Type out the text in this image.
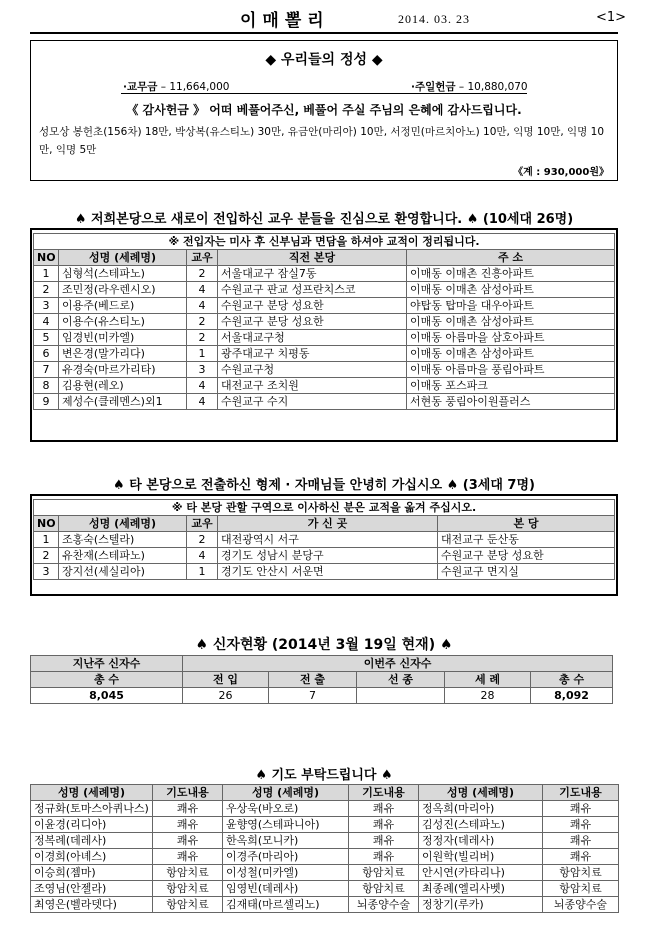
이매뽈리	2014. 03. 23	<1>
◆ 우리들의 정성 ◆
·교무금 – 11,664,000	·주일헌금 – 10,880,070
《 감사헌금 》 어떠 베풀어주신, 베풀어 주실 주님의 은혜에 감사드립니다.
성모상 봉헌초(156차) 18만, 박상복(유스티노) 30만, 유금안(마리아) 10만, 서정민(마르치아노) 10만, 익명 10만, 익명 10만, 익명 5만
《계 : 930,000원》
♠ 저희본당으로 새로이 전입하신 교우 분들을 진심으로 환영합니다. ♠ (10세대 26명)
※ 전입자는 미사 후 신부님과 면담을 하셔야 교적이 정리됩니다.				
NO	성명 (세례명)	교우	직전 본당	주 소
1	심형석(스테파노)	2	서울대교구 잠실7동	이매동 이매촌 진흥아파트
2	조민정(라우렌시오)	4	수원교구 판교 성프란치스코	이매동 이매촌 삼성아파트
3	이용주(베드로)	4	수원교구 분당 성요한	야탑동 탑마을 대우아파트
4	이용수(유스티노)	2	수원교구 분당 성요한	이매동 이매촌 삼성아파트
5	임경빈(미카엘)	2	서울대교구청	이매동 아름마을 삼호아파트
6	변은경(말가리다)	1	광주대교구 치평동	이매동 이매촌 삼성아파트
7	유경숙(마르가리타)	3	수원교구청	이매동 아름마을 풍림아파트
8	김용현(레오)	4	대전교구 조치원	이매동 포스파크
9	제성수(클레멘스)외1	4	수원교구 수지	서현동 풍림아이원플러스
♠ 타 본당으로 전출하신 형제 · 자매님들 안녕히 가십시오 ♠ (3세대 7명)
※ 타 본당 관할 구역으로 이사하신 분은 교적을 옮겨 주십시오.				
NO	성명 (세례명)	교우	가 신 곳	본 당
1	조홍숙(스텔라)	2	대전광역시 서구	대전교구 둔산동
2	유찬재(스테파노)	4	경기도 성남시 분당구	수원교구 분당 성요한
3	장지선(세실리아)	1	경기도 안산시 서운면	수원교구 면지실
♠ 신자현황 (2014년 3월 19일 현재) ♠
지난주 신자수	이번주 신자수				
총 수	전 입	전 출	선 종	세 례	총 수
8,045	26	7		28	8,092
♠ 기도 부탁드립니다 ♠
성명 (세례명)	기도내용	성명 (세례명)	기도내용	성명 (세례명)	기도내용
정규화(토마스아퀴나스)	쾌유	우상욱(바오로)	쾌유	정옥희(마리아)	쾌유
이윤경(리디아)	쾌유	윤향영(스테파니아)	쾌유	김성진(스테파노)	쾌유
정복례(데레사)	쾌유	한옥희(모니카)	쾌유	정정자(데레사)	쾌유
이경희(아녜스)	쾌유	이경주(마리아)	쾌유	이원학(빌리버)	쾌유
이승희(젬마)	항암치료	이성철(미카엘)	항암치료	안시연(카타리나)	항암치료
조영님(안젤라)	항암치료	임영빈(데레사)	항암치료	최종례(엘리사벳)	항암치료
최영은(벨라뎃다)	항암치료	김재태(마르셀리노)	뇌종양수술	정창기(루카)	뇌종양수술
